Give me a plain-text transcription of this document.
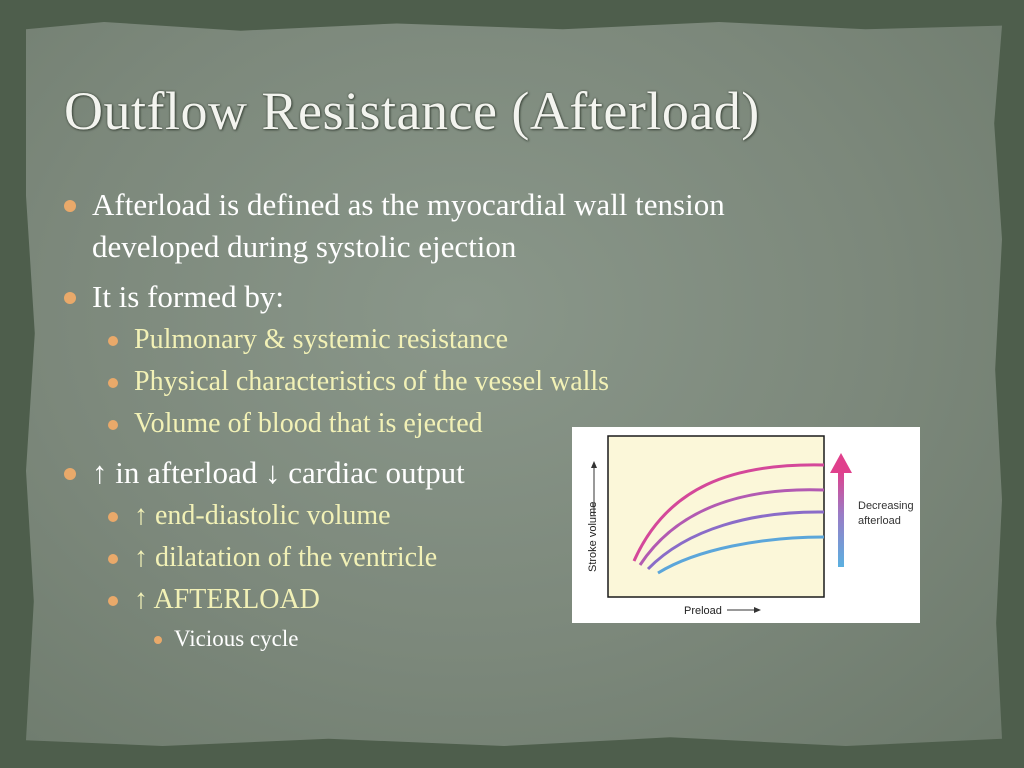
Outflow Resistance (Afterload)
Afterload is defined as the myocardial wall tension developed during systolic ejection
It is formed by:
Pulmonary & systemic resistance
Physical characteristics of the vessel walls
Volume of blood that is ejected
↑ in afterload ↓ cardiac output
↑ end-diastolic volume
↑ dilatation of the ventricle
↑ AFTERLOAD
Vicious cycle
Stroke volume
Preload
Decreasing
afterload
